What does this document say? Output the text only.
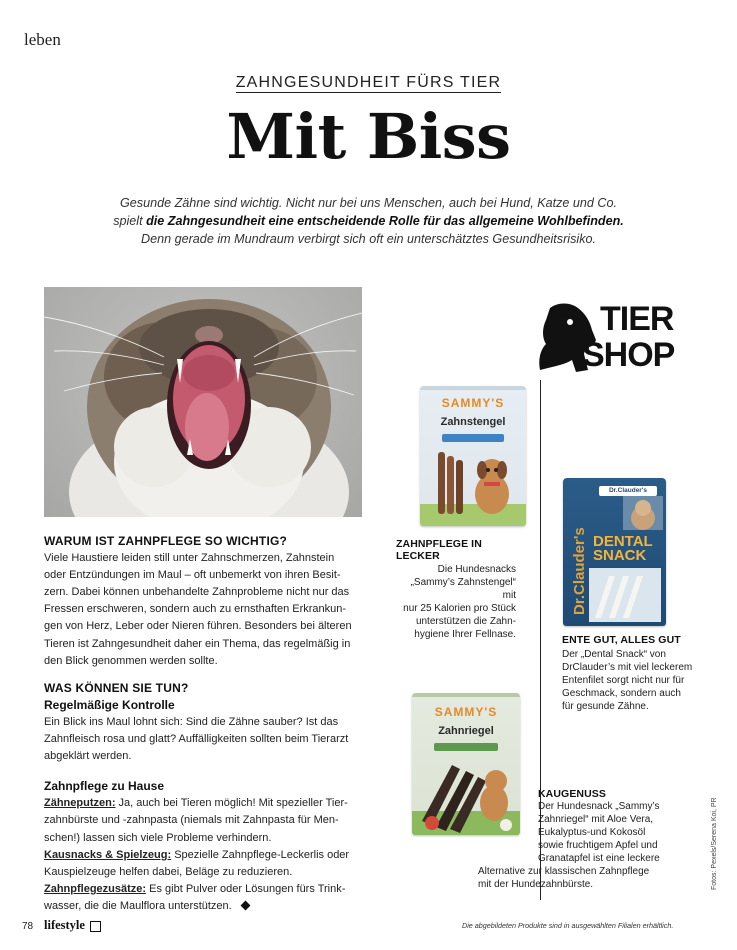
leben
ZAHNGESUNDHEIT FÜRS TIER
Mit Biss
Gesunde Zähne sind wichtig. Nicht nur bei uns Menschen, auch bei Hund, Katze und Co.
spielt die Zahngesundheit eine entscheidende Rolle für das allgemeine Wohlbefinden.
Denn gerade im Mundraum verbirgt sich oft ein unterschätztes Gesundheitsrisiko.
TIER
SHOP
SAMMY'S
Zahnstengel
Dr.Clauder's
Dr.Clauder's DENTAL
SNACK
SAMMY'S
Zahnriegel
ZAHNPFLEGE IN LECKER
Die Hundesnacks
„Sammy’s Zahnstengel“ mit
nur 25 Kalorien pro Stück
unterstützen die Zahn-
hygiene Ihrer Fellnase.	ENTE GUT, ALLES GUT
Der „Dental Snack“ von
DrClauder’s mit viel leckerem
Entenfilet sorgt nicht nur für
Geschmack, sondern auch
für gesunde Zähne.
KAUGENUSS
Der Hundesnack „Sammy’s
Zahnriegel“ mit Aloe Vera,
Eukalyptus-und Kokosöl
sowie fruchtigem Apfel und
Granatapfel ist eine leckere
Alternative zur klassischen Zahnpflege
mit der Hundezahnbürste.
WARUM IST ZAHNPFLEGE SO WICHTIG?
Viele Haustiere leiden still unter Zahnschmerzen, Zahnstein
oder Entzündungen im Maul – oft unbemerkt von ihren Besit-
zern. Dabei können unbehandelte Zahnprobleme nicht nur das
Fressen erschweren, sondern auch zu ernsthaften Erkrankun-
gen von Herz, Leber oder Nieren führen. Besonders bei älteren
Tieren ist Zahngesundheit daher ein Thema, das regelmäßig in
den Blick genommen werden sollte.
WAS KÖNNEN SIE TUN?
Regelmäßige Kontrolle
Ein Blick ins Maul lohnt sich: Sind die Zähne sauber? Ist das
Zahnfleisch rosa und glatt? Auffälligkeiten sollten beim Tierarzt
abgeklärt werden.
Zahnpflege zu Hause
Zähneputzen: Ja, auch bei Tieren möglich! Mit spezieller Tier-
zahnbürste und -zahnpasta (niemals mit Zahnpasta für Men-
schen!) lassen sich viele Probleme verhindern.
Kausnacks & Spielzeug: Spezielle Zahnpflege-Leckerlis oder
Kauspielzeuge helfen dabei, Beläge zu reduzieren.
Zahnpflegezusätze: Es gibt Pulver oder Lösungen fürs Trink-
wasser, die die Maulflora unterstützen.
78 lifestyle	Die abgebildeten Produkte sind in ausgewählten Filialen erhältlich.
Fotos: Pexels/Serena Koi, PR
